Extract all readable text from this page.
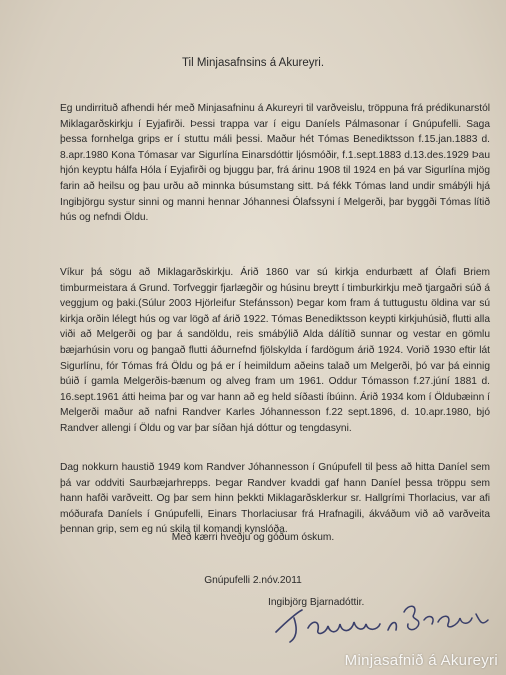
Til Minjasafnsins á Akureyri.
Eg undirrituð afhendi hér með Minjasafninu á Akureyri til varðveislu, tröppuna frá prédikunarstól Miklagarðskirkju í Eyjafirði. Þessi trappa var í eigu Daníels Pálmasonar í Gnúpufelli. Saga þessa fornhelga grips er í stuttu máli þessi. Maður hét Tómas Benediktsson f.15.jan.1883 d. 8.apr.1980 Kona Tómasar var Sigurlína Einarsdóttir ljósmóðir, f.1.sept.1883 d.13.des.1929 Þau hjón keyptu hálfa Hóla í Eyjafirði og bjuggu þar, frá árinu 1908 til 1924 en þá var Sigurlína mjög farin að heilsu og þau urðu að minnka búsumstang sitt. Þá fékk Tómas land undir smábýli hjá Ingibjörgu systur sinni og manni hennar Jóhannesi Ólafssyni í Melgerði, þar byggði Tómas lítið hús og nefndi Öldu.
Víkur þá sögu að Miklagarðskirkju. Árið 1860 var sú kirkja endurbætt af Ólafi Briem timburmeistara á Grund. Torfveggir fjarlægðir og húsinu breytt í timburkirkju með tjargaðri súð á veggjum og þaki.(Súlur 2003 Hjörleifur Stefánsson) Þegar kom fram á tuttugustu öldina var sú kirkja orðin lélegt hús og var lögð af árið 1922. Tómas Benediktsson keypti kirkjuhúsið, flutti alla viði að Melgerði og þar á sandöldu, reis smábýlið Alda dálítið sunnar og vestar en gömlu bæjarhúsin voru og þangað flutti áðurnefnd fjölskylda í fardögum árið 1924. Vorið 1930 eftir lát Sigurlínu, fór Tómas frá Öldu og þá er í heimildum aðeins talað um Melgerði, þó var þá einnig búið í gamla Melgerðis-bænum og alveg fram um 1961. Oddur Tómasson f.27.júní 1881 d. 16.sept.1961 átti heima þar og var hann að eg held síðasti íbúinn. Árið 1934 kom í Öldubæinn í Melgerði maður að nafni Randver Karles Jóhannesson f.22 sept.1896, d. 10.apr.1980, bjó Randver allengi í Öldu og var þar síðan hjá dóttur og tengdasyni.
Dag nokkurn haustið 1949 kom Randver Jóhannesson í Gnúpufell til þess að hitta Daníel sem þá var oddviti Saurbæjarhrepps. Þegar Randver kvaddi gaf hann Daníel þessa tröppu sem hann hafði varðveitt. Og þar sem hinn þekkti Miklagarðsklerkur sr. Hallgrími Thorlacius, var afi móðurafa Daníels í Gnúpufelli, Einars Thorlaciusar frá Hrafnagili, ákváðum við að varðveita þennan grip, sem eg nú skila til komandi kynslóða.
Með kærri hveðju og góðum óskum.
Gnúpufelli 2.nóv.2011
Ingibjörg Bjarnadóttir.
Minjasafnið á Akureyri
